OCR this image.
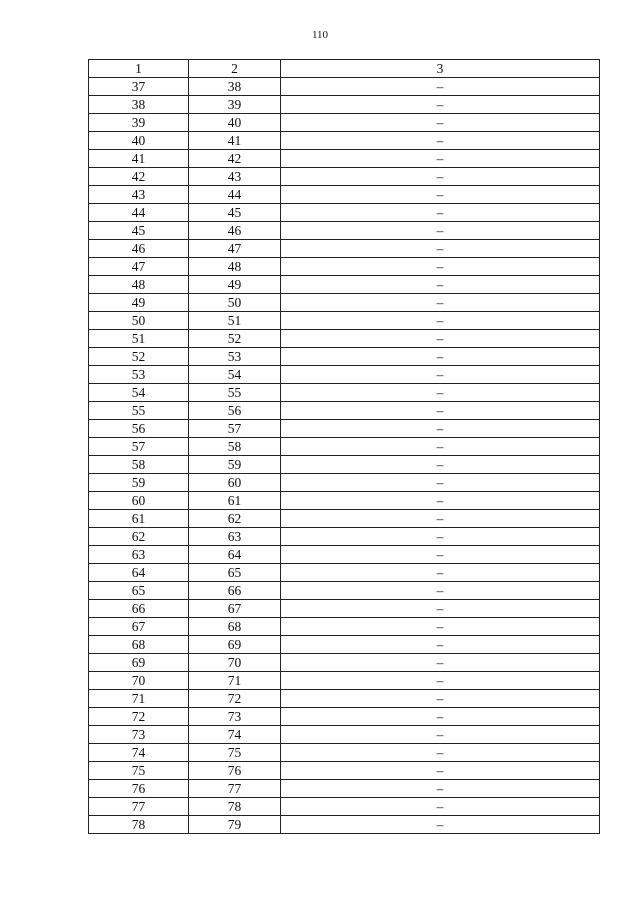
110
1	2	3
37	38	–
38	39	–
39	40	–
40	41	–
41	42	–
42	43	–
43	44	–
44	45	–
45	46	–
46	47	–
47	48	–
48	49	–
49	50	–
50	51	–
51	52	–
52	53	–
53	54	–
54	55	–
55	56	–
56	57	–
57	58	–
58	59	–
59	60	–
60	61	–
61	62	–
62	63	–
63	64	–
64	65	–
65	66	–
66	67	–
67	68	–
68	69	–
69	70	–
70	71	–
71	72	–
72	73	–
73	74	–
74	75	–
75	76	–
76	77	–
77	78	–
78	79	–
